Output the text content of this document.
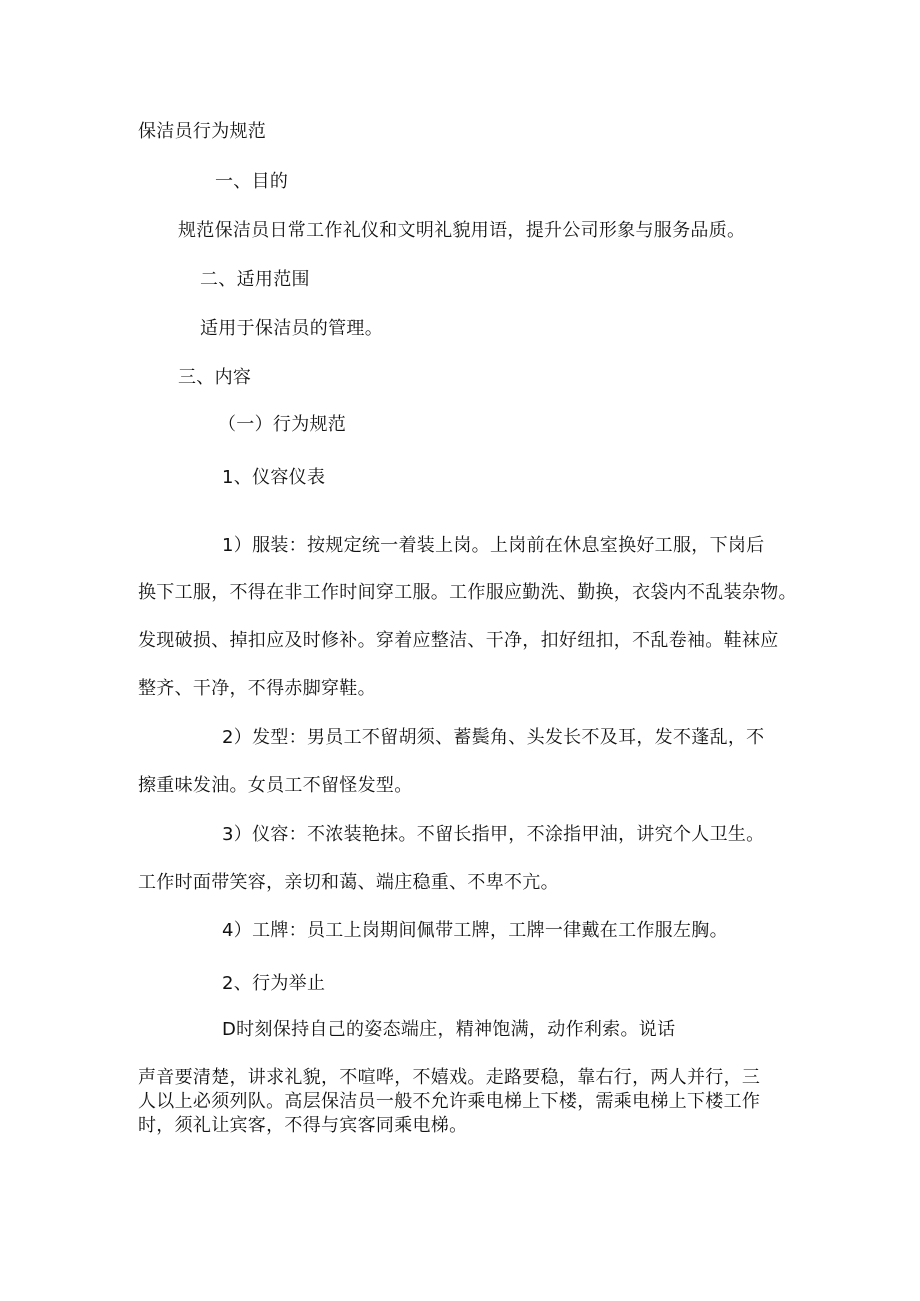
保洁员行为规范
一、目的
规范保洁员日常工作礼仪和文明礼貌用语，提升公司形象与服务品质。
二、适用范围
适用于保洁员的管理。
三、内容
（一）行为规范
1、仪容仪表
1）服装：按规定统一着装上岗。上岗前在休息室换好工服，下岗后
换下工服，不得在非工作时间穿工服。工作服应勤洗、勤换，衣袋内不乱装杂物。
发现破损、掉扣应及时修补。穿着应整洁、干净，扣好纽扣，不乱卷袖。鞋袜应
整齐、干净，不得赤脚穿鞋。
2）发型：男员工不留胡须、蓄鬓角、头发长不及耳，发不蓬乱，不
擦重味发油。女员工不留怪发型。
3）仪容：不浓装艳抹。不留长指甲，不涂指甲油，讲究个人卫生。
工作时面带笑容，亲切和蔼、端庄稳重、不卑不亢。
4）工牌：员工上岗期间佩带工牌，工牌一律戴在工作服左胸。
2、行为举止
D时刻保持自己的姿态端庄，精神饱满，动作利索。说话
声音要清楚，讲求礼貌，不喧哗，不嬉戏。走路要稳，靠右行，两人并行，三
人以上必须列队。高层保洁员一般不允许乘电梯上下楼，需乘电梯上下楼工作
时，须礼让宾客，不得与宾客同乘电梯。
